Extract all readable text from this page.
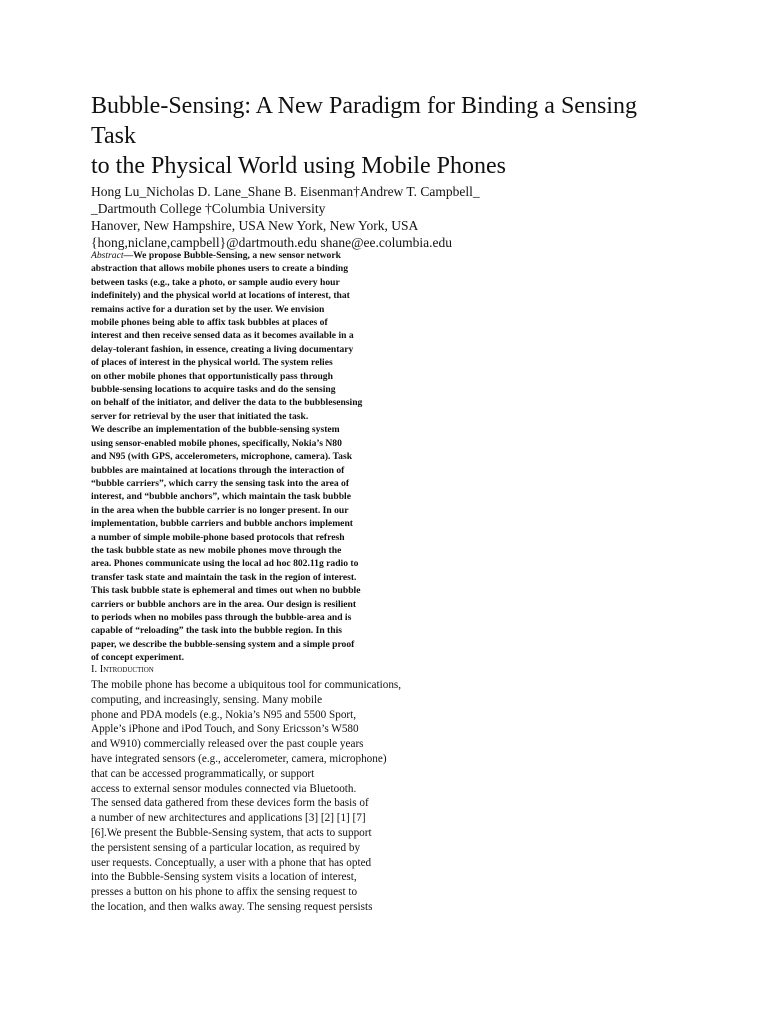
Bubble-Sensing: A New Paradigm for Binding a Sensing
Task
to the Physical World using Mobile Phones
Hong Lu_Nicholas D. Lane_Shane B. Eisenman†Andrew T. Campbell_
_Dartmouth College †Columbia University
Hanover, New Hampshire, USA New York, New York, USA
{hong,niclane,campbell}@dartmouth.edu shane@ee.columbia.edu
Abstract—We propose Bubble-Sensing, a new sensor network
abstraction that allows mobile phones users to create a binding
between tasks (e.g., take a photo, or sample audio every hour
indefinitely) and the physical world at locations of interest, that
remains active for a duration set by the user. We envision
mobile phones being able to affix task bubbles at places of
interest and then receive sensed data as it becomes available in a
delay-tolerant fashion, in essence, creating a living documentary
of places of interest in the physical world. The system relies
on other mobile phones that opportunistically pass through
bubble-sensing locations to acquire tasks and do the sensing
on behalf of the initiator, and deliver the data to the bubblesensing
server for retrieval by the user that initiated the task.
We describe an implementation of the bubble-sensing system
using sensor-enabled mobile phones, specifically, Nokia’s N80
and N95 (with GPS, accelerometers, microphone, camera). Task
bubbles are maintained at locations through the interaction of
“bubble carriers”, which carry the sensing task into the area of
interest, and “bubble anchors”, which maintain the task bubble
in the area when the bubble carrier is no longer present. In our
implementation, bubble carriers and bubble anchors implement
a number of simple mobile-phone based protocols that refresh
the task bubble state as new mobile phones move through the
area. Phones communicate using the local ad hoc 802.11g radio to
transfer task state and maintain the task in the region of interest.
This task bubble state is ephemeral and times out when no bubble
carriers or bubble anchors are in the area. Our design is resilient
to periods when no mobiles pass through the bubble-area and is
capable of “reloading” the task into the bubble region. In this
paper, we describe the bubble-sensing system and a simple proof
of concept experiment.
I. Introduction
The mobile phone has become a ubiquitous tool for communications,
computing, and increasingly, sensing. Many mobile
phone and PDA models (e.g., Nokia’s N95 and 5500 Sport,
Apple’s iPhone and iPod Touch, and Sony Ericsson’s W580
and W910) commercially released over the past couple years
have integrated sensors (e.g., accelerometer, camera, microphone)
that can be accessed programmatically, or support
access to external sensor modules connected via Bluetooth.
The sensed data gathered from these devices form the basis of
a number of new architectures and applications [3] [2] [1] [7]
[6].We present the Bubble-Sensing system, that acts to support
the persistent sensing of a particular location, as required by
user requests. Conceptually, a user with a phone that has opted
into the Bubble-Sensing system visits a location of interest,
presses a button on his phone to affix the sensing request to
the location, and then walks away. The sensing request persists
